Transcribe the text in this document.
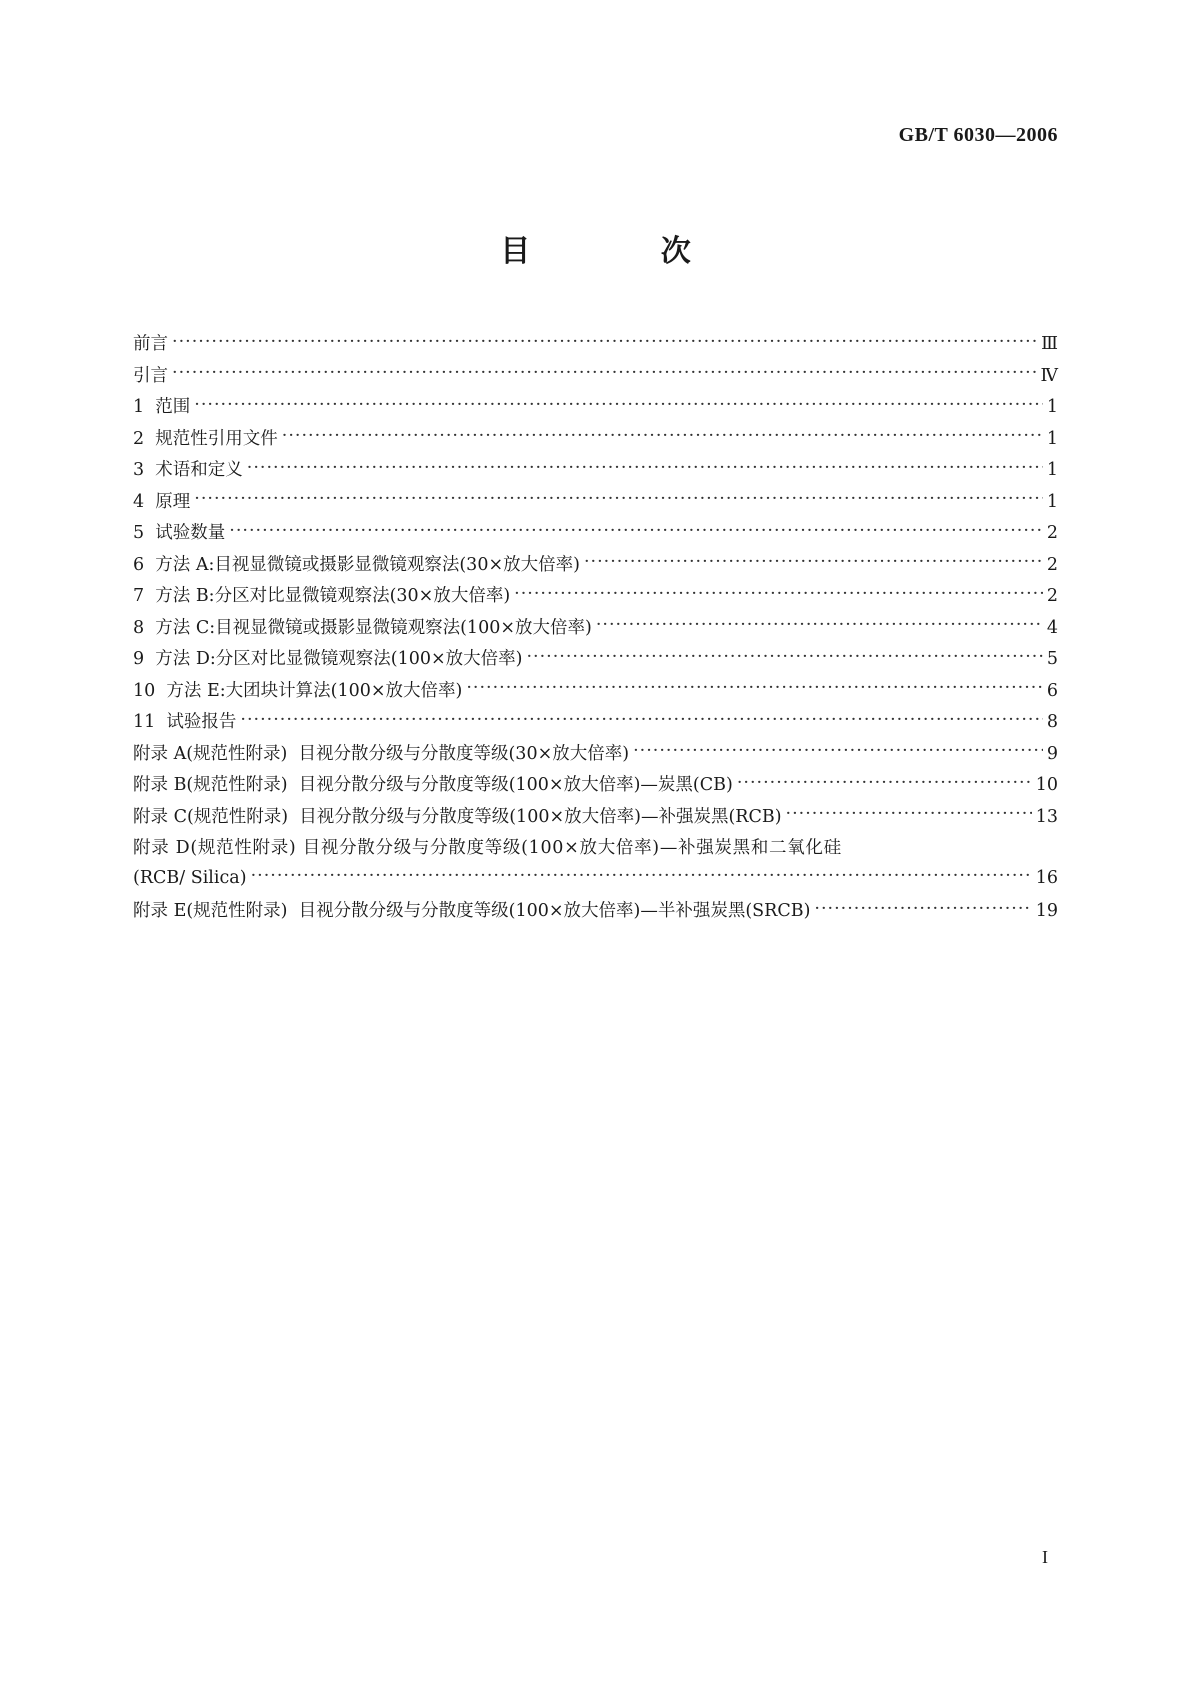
GB/T 6030—2006
目 次
前言 ·····	Ⅲ
引言 ·····	Ⅳ
1  范围 ·····	1
2  规范性引用文件 ·····	1
3  术语和定义 ·····	1
4  原理 ·····	1
5  试验数量 ·····	2
6  方法 A:目视显微镜或摄影显微镜观察法(30×放大倍率) ·····	2
7  方法 B:分区对比显微镜观察法(30×放大倍率) ·····	2
8  方法 C:目视显微镜或摄影显微镜观察法(100×放大倍率) ·····	4
9  方法 D:分区对比显微镜观察法(100×放大倍率) ·····	5
10  方法 E:大团块计算法(100×放大倍率) ·····	6
11  试验报告 ·····	8
附录 A(规范性附录)  目视分散分级与分散度等级(30×放大倍率) ·····	9
附录 B(规范性附录)  目视分散分级与分散度等级(100×放大倍率)—炭黑(CB) ·····	10
附录 C(规范性附录)  目视分散分级与分散度等级(100×放大倍率)—补强炭黑(RCB) ·····	13
附录 D(规范性附录) 目视分散分级与分散度等级(100×放大倍率)—补强炭黑和二氧化硅
(RCB/ Silica) ·····	16
附录 E(规范性附录)  目视分散分级与分散度等级(100×放大倍率)—半补强炭黑(SRCB) ·····	19
I
